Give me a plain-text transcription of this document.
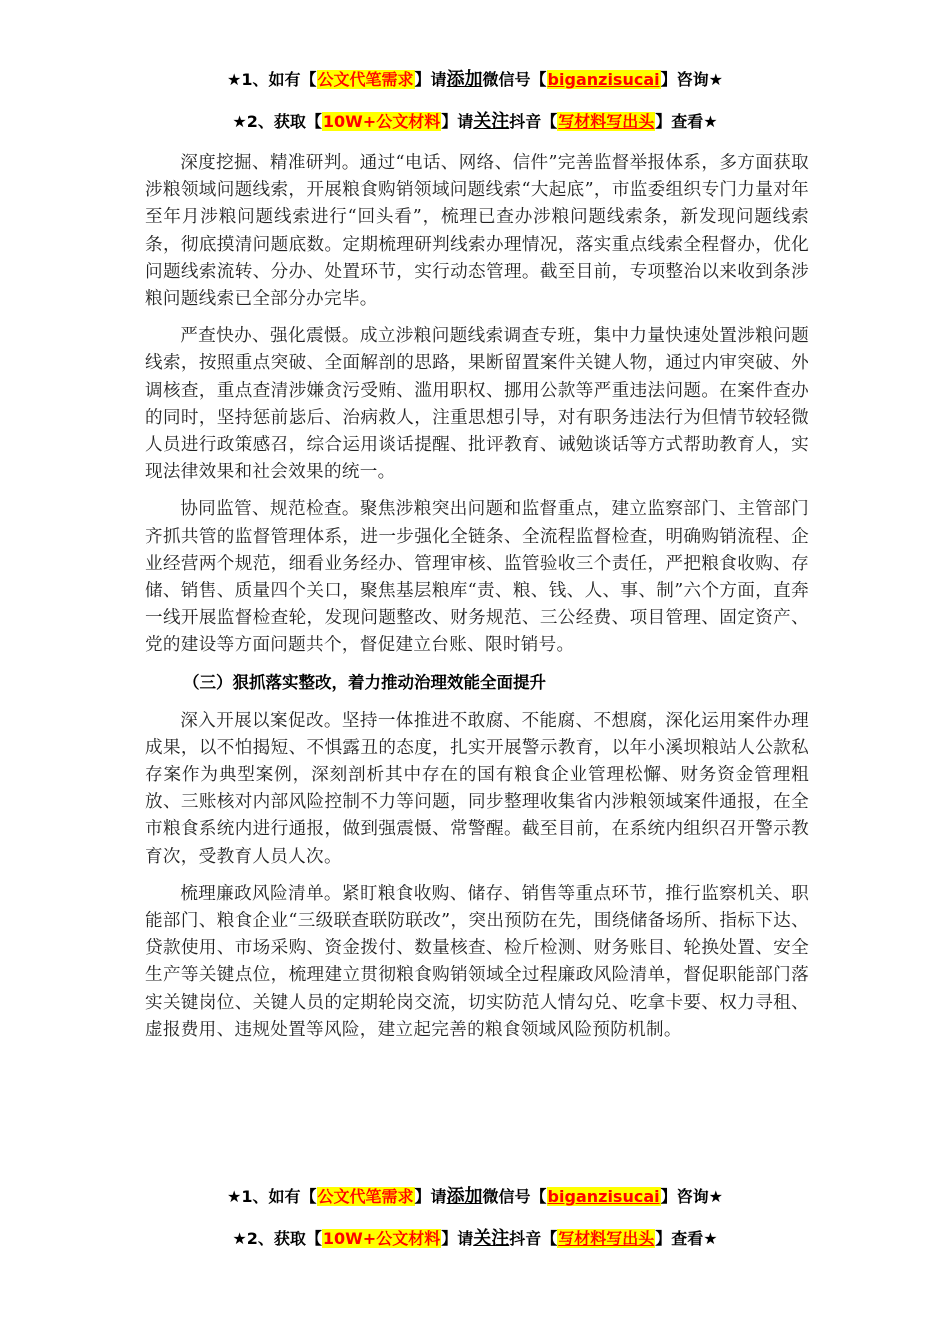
★1、如有【公文代笔需求】请添加微信号【biganzisucai】咨询★
★2、获取【10W+公文材料】请关注抖音【写材料写出头】查看★

深度挖掘、精准研判。通过“电话、网络、信件”完善监督举报体系，多方面获取涉粮领域问题线索，开展粮食购销领域问题线索“大起底”，市监委组织专门力量对年至年月涉粮问题线索进行“回头看”，梳理已查办涉粮问题线索条，新发现问题线索条，彻底摸清问题底数。定期梳理研判线索办理情况，落实重点线索全程督办，优化问题线索流转、分办、处置环节，实行动态管理。截至目前，专项整治以来收到条涉粮问题线索已全部分办完毕。

严查快办、强化震慑。成立涉粮问题线索调查专班，集中力量快速处置涉粮问题线索，按照重点突破、全面解剖的思路，果断留置案件关键人物，通过内审突破、外调核查，重点查清涉嫌贪污受贿、滥用职权、挪用公款等严重违法问题。在案件查办的同时，坚持惩前毖后、治病救人，注重思想引导，对有职务违法行为但情节较轻微人员进行政策感召，综合运用谈话提醒、批评教育、诫勉谈话等方式帮助教育人，实现法律效果和社会效果的统一。

协同监管、规范检查。聚焦涉粮突出问题和监督重点，建立监察部门、主管部门齐抓共管的监督管理体系，进一步强化全链条、全流程监督检查，明确购销流程、企业经营两个规范，细看业务经办、管理审核、监管验收三个责任，严把粮食收购、存储、销售、质量四个关口，聚焦基层粮库“责、粮、钱、人、事、制”六个方面，直奔一线开展监督检查轮，发现问题整改、财务规范、三公经费、项目管理、固定资产、党的建设等方面问题共个，督促建立台账、限时销号。

（三）狠抓落实整改，着力推动治理效能全面提升

深入开展以案促改。坚持一体推进不敢腐、不能腐、不想腐，深化运用案件办理成果，以不怕揭短、不惧露丑的态度，扎实开展警示教育，以年小溪坝粮站人公款私存案作为典型案例，深刻剖析其中存在的国有粮食企业管理松懈、财务资金管理粗放、三账核对内部风险控制不力等问题，同步整理收集省内涉粮领域案件通报，在全市粮食系统内进行通报，做到强震慑、常警醒。截至目前，在系统内组织召开警示教育次，受教育人员人次。

梳理廉政风险清单。紧盯粮食收购、储存、销售等重点环节，推行监察机关、职能部门、粮食企业“三级联查联防联改”，突出预防在先，围绕储备场所、指标下达、贷款使用、市场采购、资金拨付、数量核查、检斤检测、财务账目、轮换处置、安全生产等关键点位，梳理建立贯彻粮食购销领域全过程廉政风险清单，督促职能部门落实关键岗位、关键人员的定期轮岗交流，切实防范人情勾兑、吃拿卡要、权力寻租、虚报费用、违规处置等风险，建立起完善的粮食领域风险预防机制。

★1、如有【公文代笔需求】请添加微信号【biganzisucai】咨询★
★2、获取【10W+公文材料】请关注抖音【写材料写出头】查看★
